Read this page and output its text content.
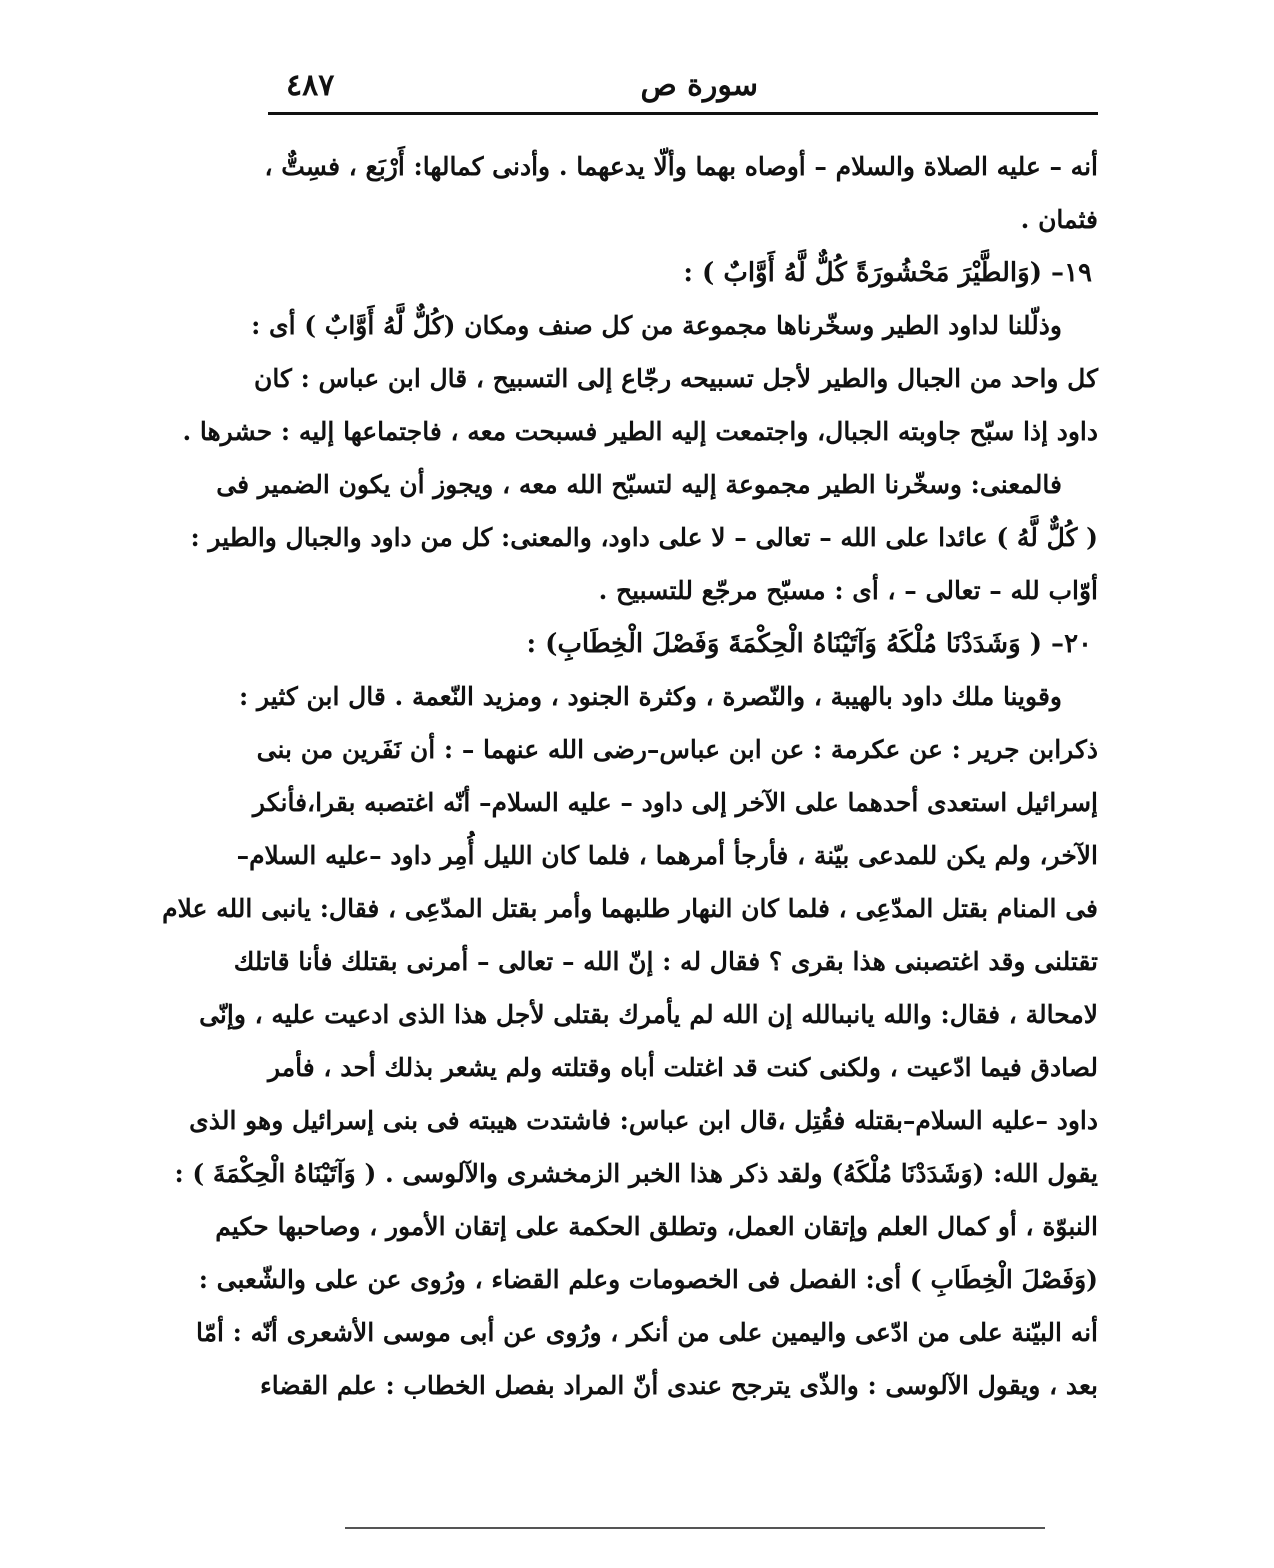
سورة ص
٤٨٧
أنه – عليه الصلاة والسلام – أوصاه بهما وألّا يدعهما . وأدنى كمالها: أَرْبَع ، فسِتٌّ ،
فثمان .
١٩– (وَالطَّيْرَ مَحْشُورَةً كُلٌّ لَّهُ أَوَّابٌ ) :
وذلّلنا لداود الطير وسخّرناها مجموعة من كل صنف ومكان (كُلٌّ لَّهُ أَوَّابٌ ) أى :
كل واحد من الجبال والطير لأجل تسبيحه رجّاع إلى التسبيح ، قال ابن عباس : كان
داود إذا سبّح جاوبته الجبال، واجتمعت إليه الطير فسبحت معه ، فاجتماعها إليه : حشرها .
فالمعنى: وسخّرنا الطير مجموعة إليه لتسبّح الله معه ، ويجوز أن يكون الضمير فى
( كُلٌّ لَّهُ ) عائدا على الله – تعالى – لا على داود، والمعنى: كل من داود والجبال والطير :
أوّاب لله – تعالى – ، أى : مسبّح مرجّع للتسبيح .
٢٠– ( وَشَدَدْنَا مُلْكَهُ وَآتَيْنَاهُ الْحِكْمَةَ وَفَصْلَ الْخِطَابِ) :
وقوينا ملك داود بالهيبة ، والنّصرة ، وكثرة الجنود ، ومزيد النّعمة . قال ابن كثير :
ذكرابن جرير : عن عكرمة : عن ابن عباس–رضى الله عنهما – : أن نَفَرين من بنى
إسرائيل استعدى أحدهما على الآخر إلى داود – عليه السلام– أنّه اغتصبه بقرا،فأنكر
الآخر، ولم يكن للمدعى بيّنة ، فأرجأ أمرهما ، فلما كان الليل أُمِر داود –عليه السلام–
فى المنام بقتل المدّعِى ، فلما كان النهار طلبهما وأمر بقتل المدّعِى ، فقال: يانبى الله علام
تقتلنى وقد اغتصبنى هذا بقرى ؟ فقال له : إنّ الله – تعالى – أمرنى بقتلك فأنا قاتلك
لامحالة ، فقال: والله يانبىالله إن الله لم يأمرك بقتلى لأجل هذا الذى ادعيت عليه ، وإنّى
لصادق فيما ادّعيت ، ولكنى كنت قد اغتلت أباه وقتلته ولم يشعر بذلك أحد ، فأمر
داود –عليه السلام–بقتله فقُتِل ،قال ابن عباس: فاشتدت هيبته فى بنى إسرائيل وهو الذى
يقول الله: (وَشَدَدْنَا مُلْكَهُ) ولقد ذكر هذا الخبر الزمخشرى والآلوسى . ( وَآتَيْنَاهُ الْحِكْمَةَ ) :
النبوّة ، أو كمال العلم وإتقان العمل، وتطلق الحكمة على إتقان الأمور ، وصاحبها حكيم
(وَفَصْلَ الْخِطَابِ ) أى: الفصل فى الخصومات وعلم القضاء ، ورُوى عن على والشّعبى :
أنه البيّنة على من ادّعى واليمين على من أنكر ، ورُوى عن أبى موسى الأشعرى أنّه : أمّا
بعد ، ويقول الآلوسى : والذّى يترجح عندى أنّ المراد بفصل الخطاب : علم القضاء
